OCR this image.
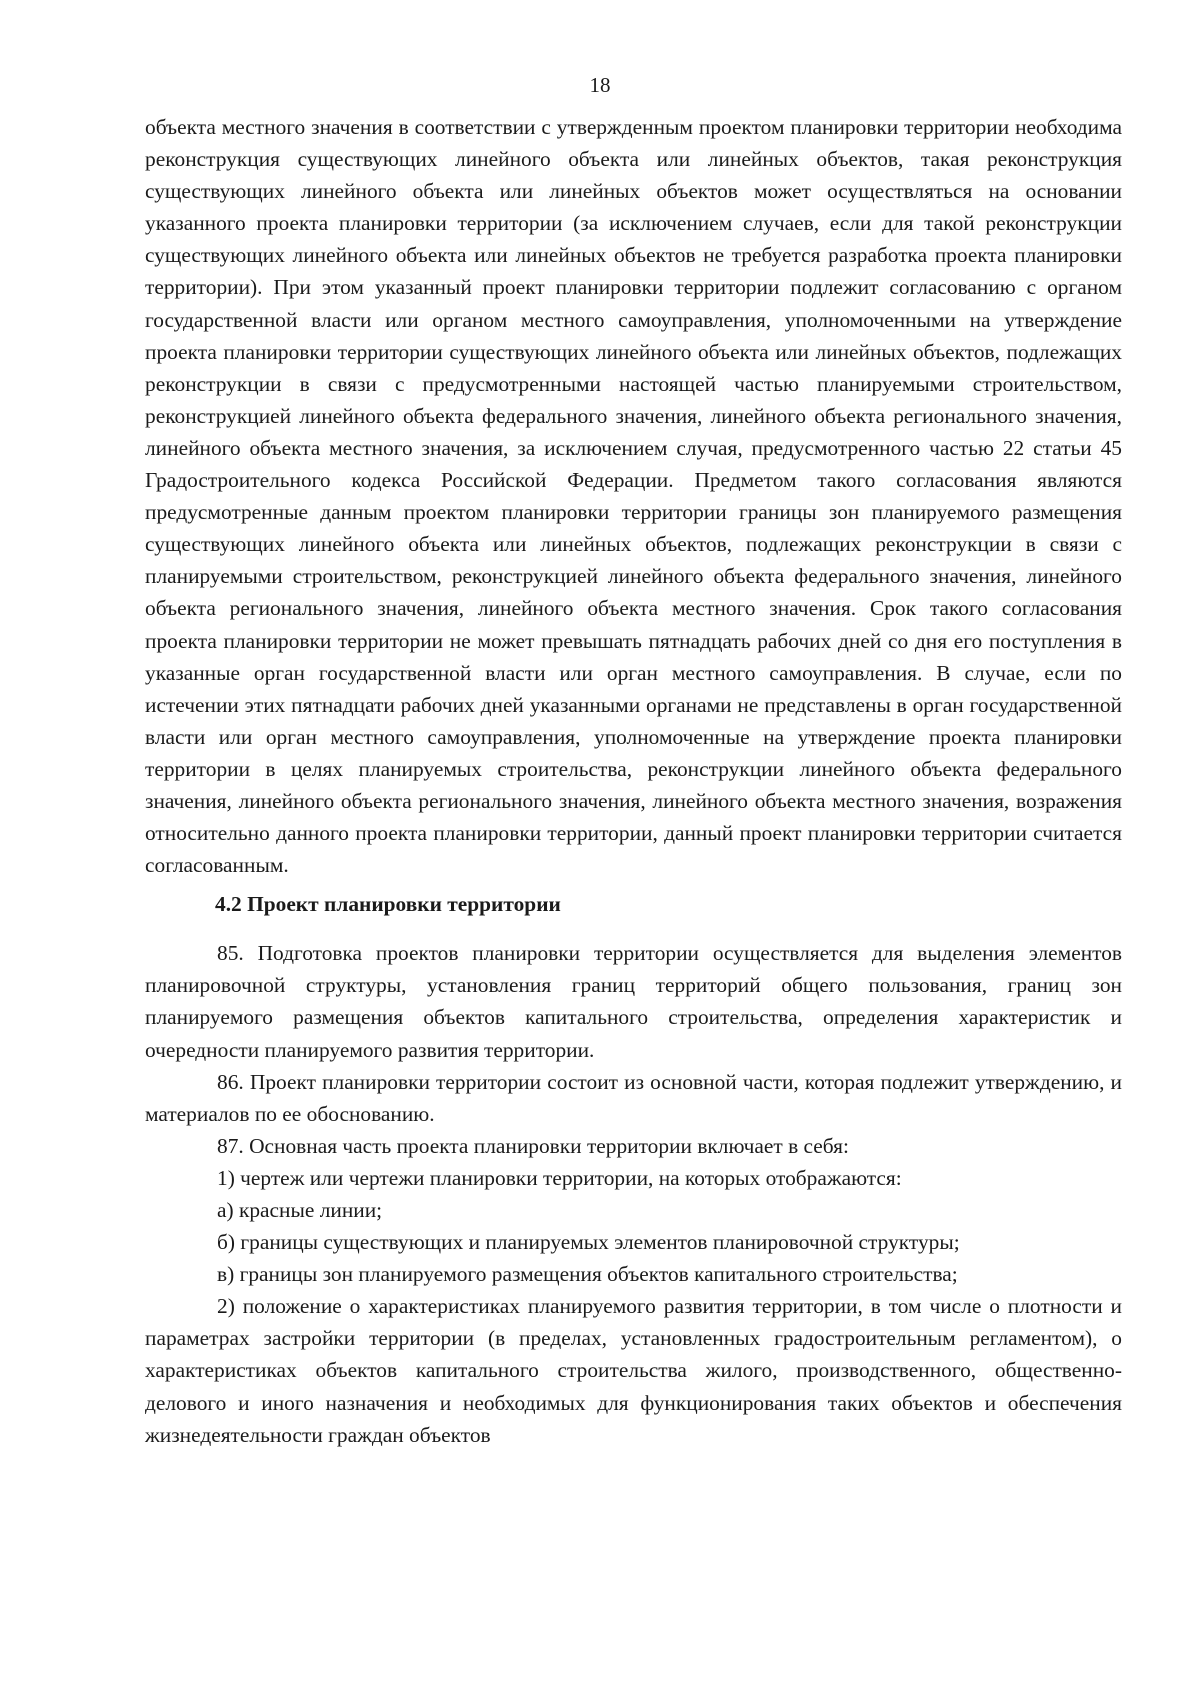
18

объекта местного значения в соответствии с утвержденным проектом планировки территории необходима реконструкция существующих линейного объекта или линейных объектов, такая реконструкция существующих линейного объекта или линейных объектов может осуществляться на основании указанного проекта планировки территории (за исключением случаев, если для такой реконструкции существующих линейного объекта или линейных объектов не требуется разработка проекта планировки территории). При этом указанный проект планировки территории подлежит согласованию с органом государственной власти или органом местного самоуправления, уполномоченными на утверждение проекта планировки территории существующих линейного объекта или линейных объектов, подлежащих реконструкции в связи с предусмотренными настоящей частью планируемыми строительством, реконструкцией линейного объекта федерального значения, линейного объекта регионального значения, линейного объекта местного значения, за исключением случая, предусмотренного частью 22 статьи 45 Градостроительного кодекса Российской Федерации. Предметом такого согласования являются предусмотренные данным проектом планировки территории границы зон планируемого размещения существующих линейного объекта или линейных объектов, подлежащих реконструкции в связи с планируемыми строительством, реконструкцией линейного объекта федерального значения, линейного объекта регионального значения, линейного объекта местного значения. Срок такого согласования проекта планировки территории не может превышать пятнадцать рабочих дней со дня его поступления в указанные орган государственной власти или орган местного самоуправления. В случае, если по истечении этих пятнадцати рабочих дней указанными органами не представлены в орган государственной власти или орган местного самоуправления, уполномоченные на утверждение проекта планировки территории в целях планируемых строительства, реконструкции линейного объекта федерального значения, линейного объекта регионального значения, линейного объекта местного значения, возражения относительно данного проекта планировки территории, данный проект планировки территории считается согласованным.

4.2 Проект планировки территории

85. Подготовка проектов планировки территории осуществляется для выделения элементов планировочной структуры, установления границ территорий общего пользования, границ зон планируемого размещения объектов капитального строительства, определения характеристик и очередности планируемого развития территории.

86. Проект планировки территории состоит из основной части, которая подлежит утверждению, и материалов по ее обоснованию.

87. Основная часть проекта планировки территории включает в себя:

1) чертеж или чертежи планировки территории, на которых отображаются:

а) красные линии;

б) границы существующих и планируемых элементов планировочной структуры;

в) границы зон планируемого размещения объектов капитального строительства;

2) положение о характеристиках планируемого развития территории, в том числе о плотности и параметрах застройки территории (в пределах, установленных градостроительным регламентом), о характеристиках объектов капитального строительства жилого, производственного, общественно-делового и иного назначения и необходимых для функционирования таких объектов и обеспечения жизнедеятельности граждан объектов
